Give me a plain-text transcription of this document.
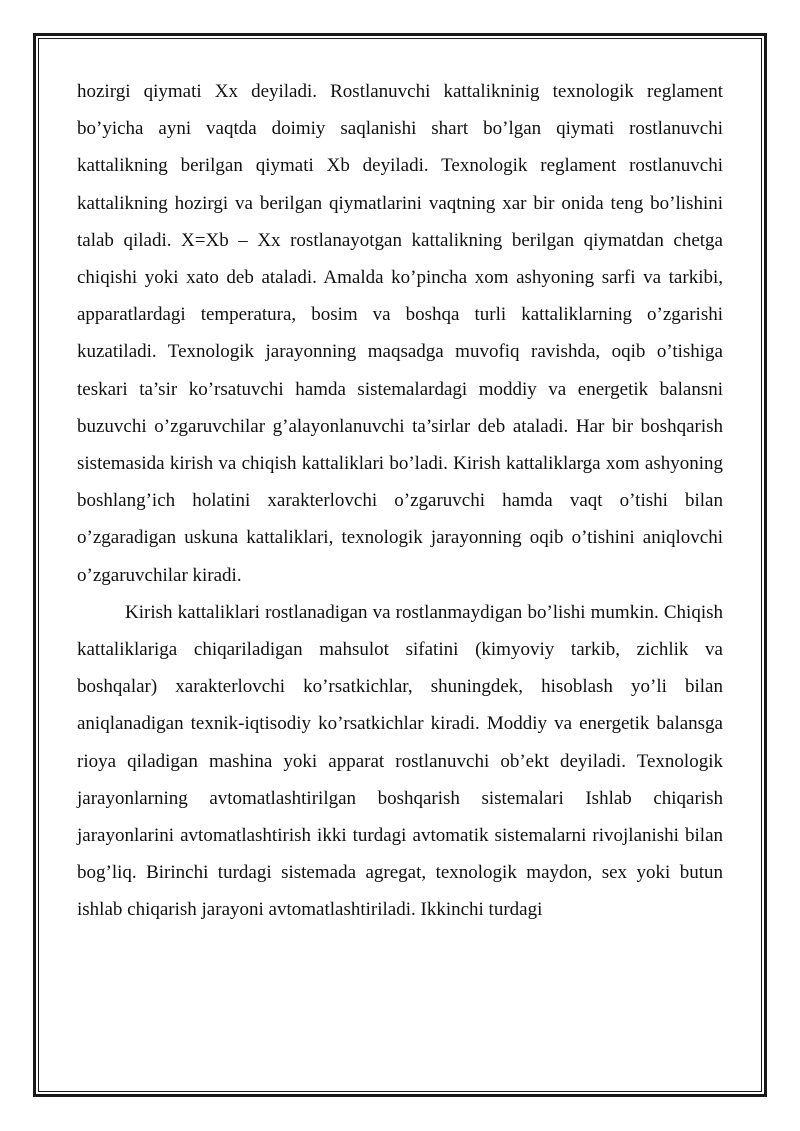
hozirgi qiymati Xx deyiladi. Rostlanuvchi kattalikninig texnologik reglament bo’yicha ayni vaqtda doimiy saqlanishi shart bo’lgan qiymati rostlanuvchi kattalikning berilgan qiymati Xb deyiladi. Texnologik reglament rostlanuvchi kattalikning hozirgi va berilgan qiymatlarini vaqtning xar bir onida teng bo’lishini talab qiladi. X=Xb – Xx rostlanayotgan kattalikning berilgan qiymatdan chetga chiqishi yoki xato deb ataladi. Amalda ko’pincha xom ashyoning sarfi va tarkibi, apparatlardagi temperatura, bosim va boshqa turli kattaliklarning o’zgarishi kuzatiladi. Texnologik jarayonning maqsadga muvofiq ravishda, oqib o’tishiga teskari ta’sir ko’rsatuvchi hamda sistemalardagi moddiy va energetik balansni buzuvchi o’zgaruvchilar g’alayonlanuvchi ta’sirlar deb ataladi. Har bir boshqarish sistemasida kirish va chiqish kattaliklari bo’ladi. Kirish kattaliklarga xom ashyoning boshlang’ich holatini xarakterlovchi o’zgaruvchi hamda vaqt o’tishi bilan o’zgaradigan uskuna kattaliklari, texnologik jarayonning oqib o’tishini aniqlovchi o’zgaruvchilar kiradi.

Kirish kattaliklari rostlanadigan va rostlanmaydigan bo’lishi mumkin. Chiqish kattaliklariga chiqariladigan mahsulot sifatini (kimyoviy tarkib, zichlik va boshqalar) xarakterlovchi ko’rsatkichlar, shuningdek, hisoblash yo’li bilan aniqlanadigan texnik-iqtisodiy ko’rsatkichlar kiradi. Moddiy va energetik balansga rioya qiladigan mashina yoki apparat rostlanuvchi ob’ekt deyiladi. Texnologik jarayonlarning avtomatlashtirilgan boshqarish sistemalari Ishlab chiqarish jarayonlarini avtomatlashtirish ikki turdagi avtomatik sistemalarni rivojlanishi bilan bog’liq. Birinchi turdagi sistemada agregat, texnologik maydon, sex yoki butun ishlab chiqarish jarayoni avtomatlashtiriladi. Ikkinchi turdagi
